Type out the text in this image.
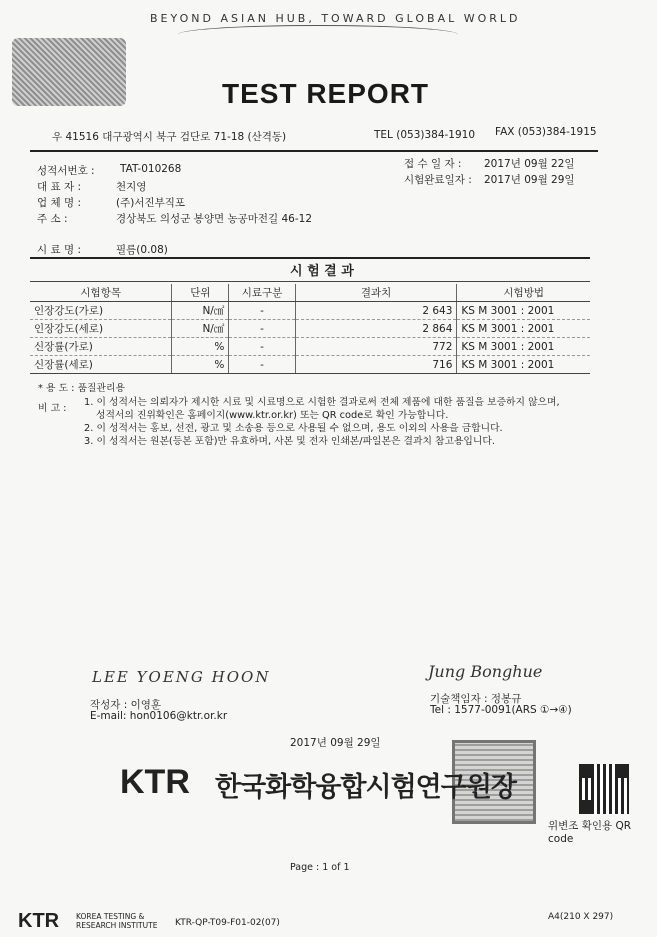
BEYOND ASIAN HUB, TOWARD GLOBAL WORLD
TEST REPORT
우 41516 대구광역시 북구 검단로 71-18 (산격동)	TEL (053)384-1910 FAX (053)384-1915
성적서번호 : TAT-010268
대 표 자 :	천지영
업 체 명 :	(주)서진부직포
주 소 :	경상북도 의성군 봉양면 농공마전길 46-12
접 수 일 자 : 2017년 09월 22일
시험완료일자 : 2017년 09월 29일
시 료 명 :	필름(0.08)
시 험 결 과
시험항목	단위	시료구분	결과치	시험방법
인장강도(가로)	N/㎠	-	2 643	KS M 3001 : 2001
인장강도(세로)	N/㎠	-	2 864	KS M 3001 : 2001
신장률(가로)	%	-	772	KS M 3001 : 2001
신장률(세로)	%	-	716	KS M 3001 : 2001
* 용 도 : 품질관리용
비 고 :
1. 이 성적서는 의뢰자가 제시한 시료 및 시료명으로 시험한 결과로써 전체 제품에 대한 품질을 보증하지 않으며,
성적서의 진위확인은 홈페이지(www.ktr.or.kr) 또는 QR code로 확인 가능합니다.
2. 이 성적서는 홍보, 선전, 광고 및 소송용 등으로 사용될 수 없으며, 용도 이외의 사용을 금합니다.
3. 이 성적서는 원본(등본 포함)만 유효하며, 사본 및 전자 인쇄본/파일본은 결과치 참고용입니다.
LEE YOENG HOON
작성자 : 이영훈
E-mail: hon0106@ktr.or.kr
Jung Bonghue
기술책임자 : 정봉규
Tel : 1577-0091(ARS ①→④)
2017년 09월 29일
KTR 한국화학융합시험연구원장
위변조 확인용 QR code
Page : 1 of 1
KTR KOREA TESTING &
RESEARCH INSTITUTE KTR-QP-T09-F01-02(07)
A4(210 X 297)
